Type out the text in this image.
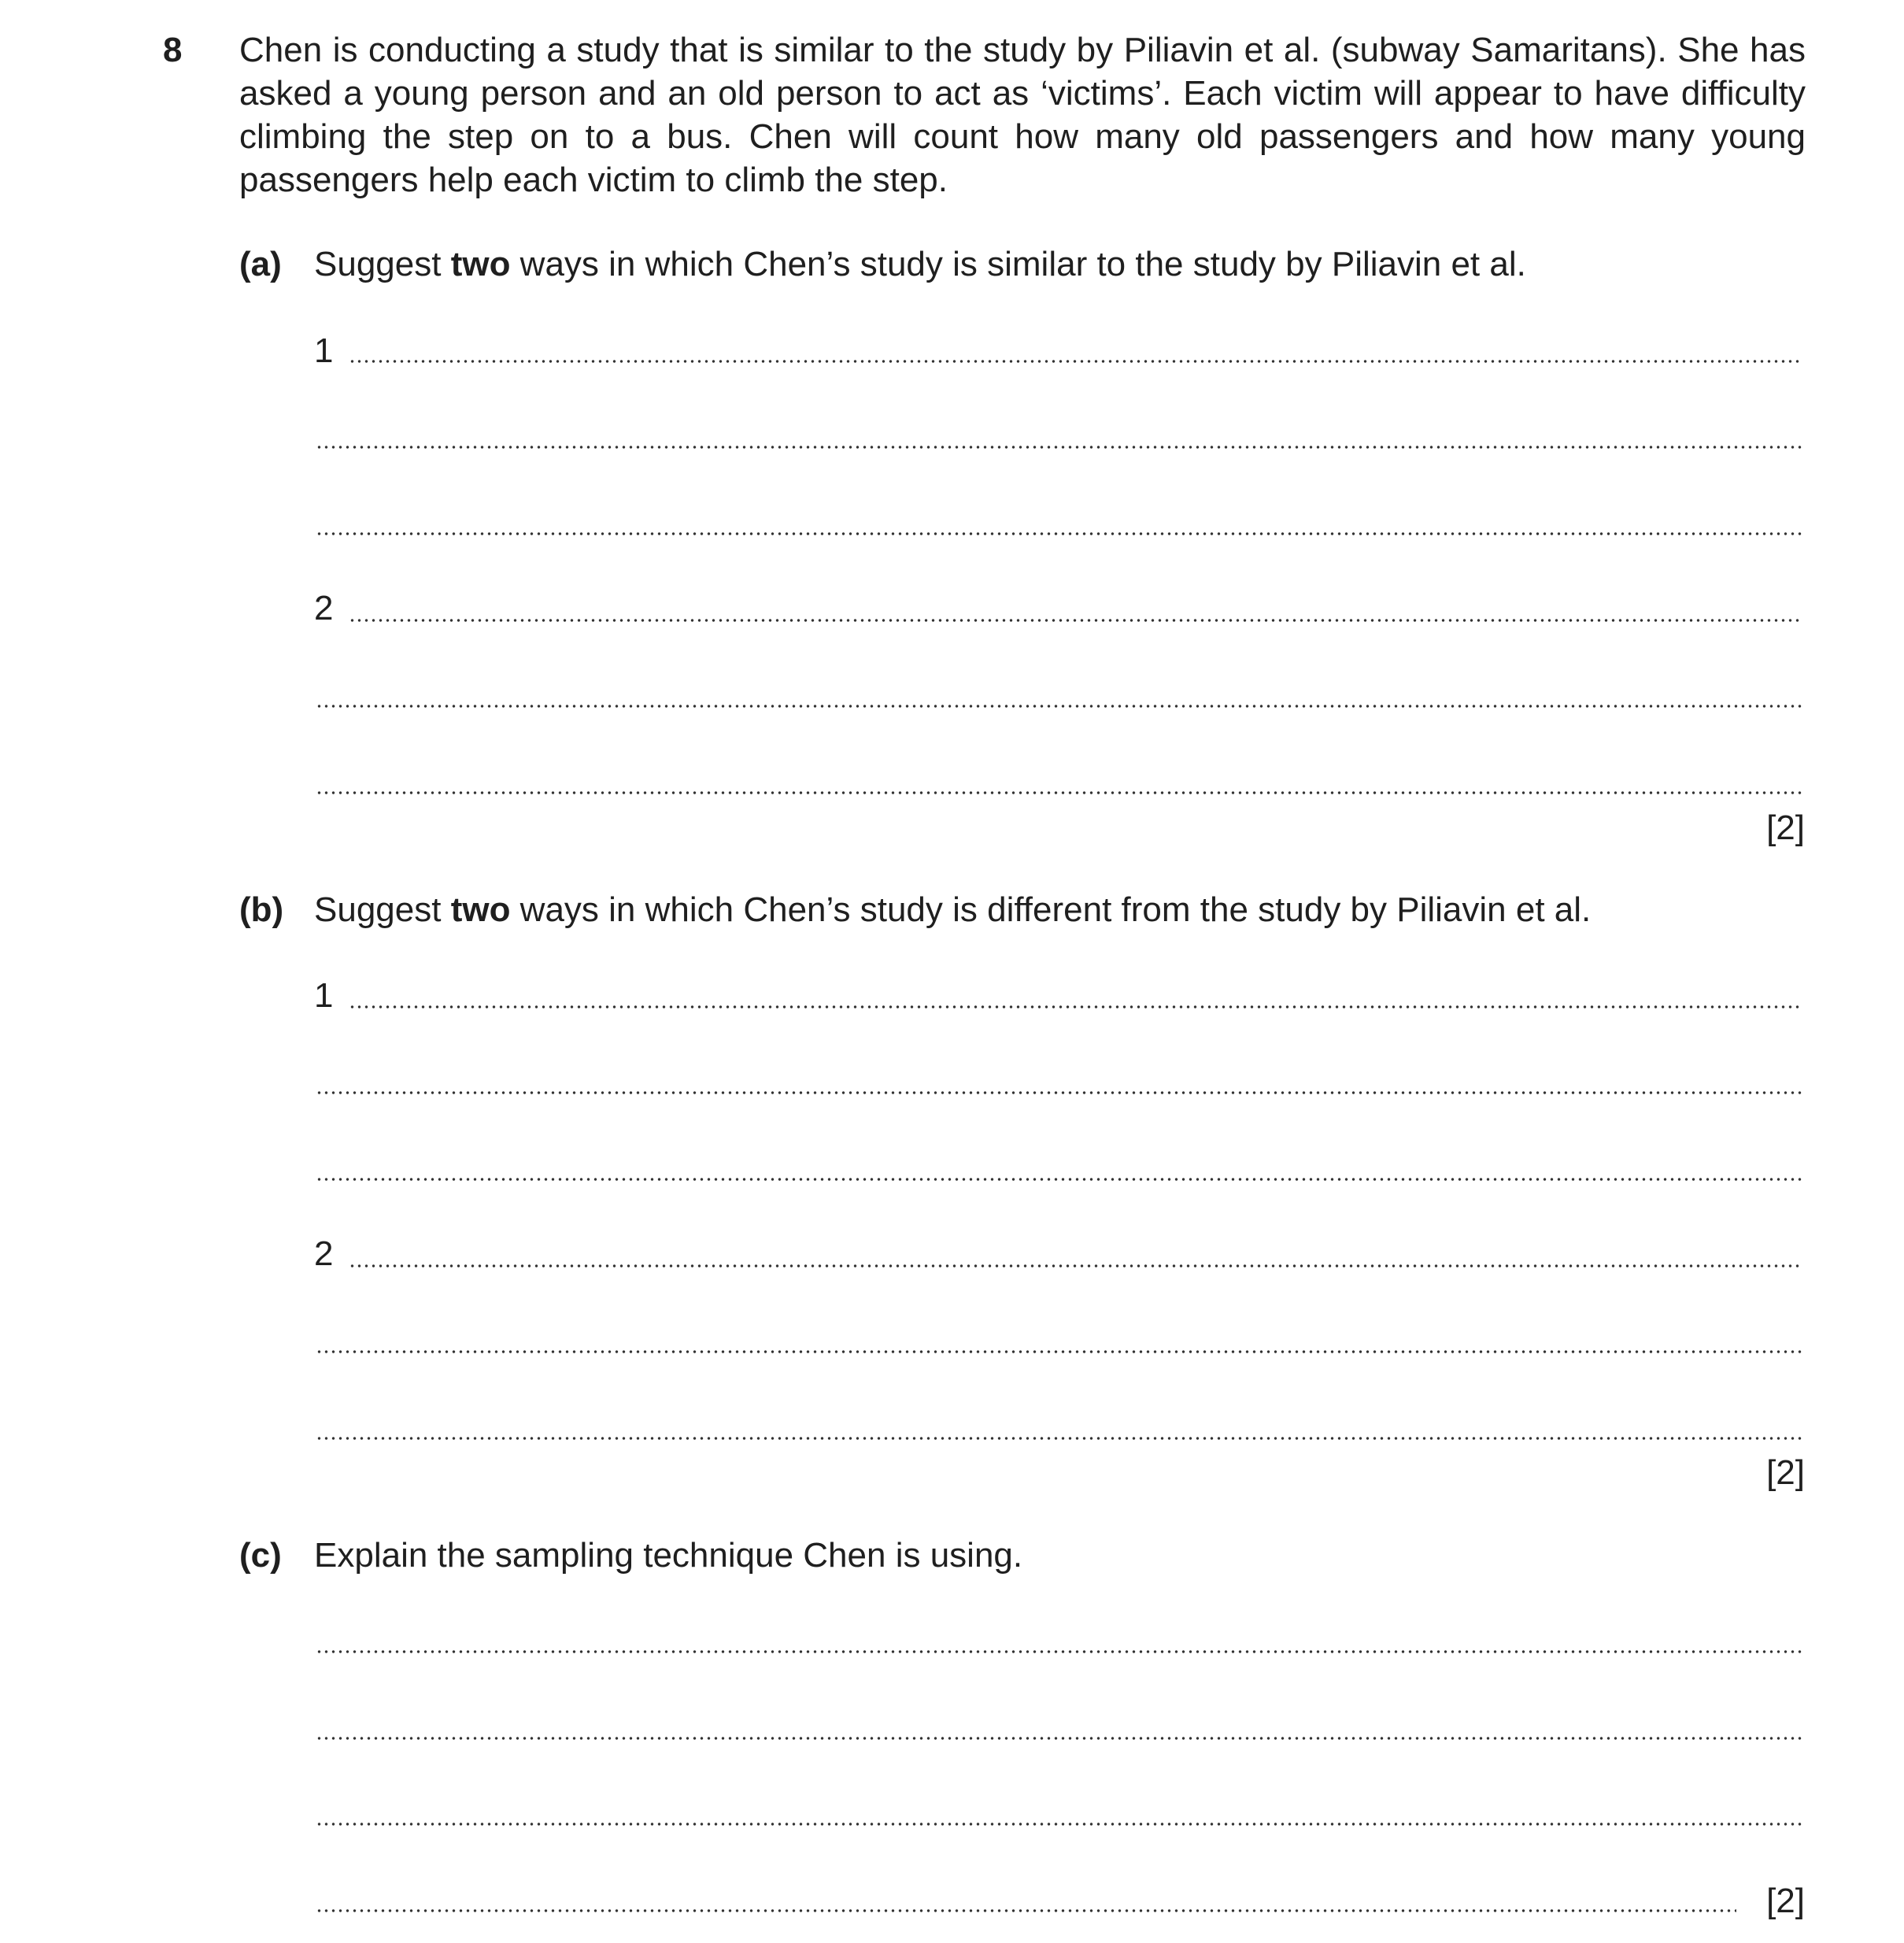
8 Chen is conducting a study that is similar to the study by Piliavin et al. (subway Samaritans). She has asked a young person and an old person to act as ‘victims’. Each victim will appear to have difficulty climbing the step on to a bus. Chen will count how many old passengers and how many young passengers help each victim to climb the step.
(a) Suggest two ways in which Chen’s study is similar to the study by Piliavin et al.
1
2
[2]
(b) Suggest two ways in which Chen’s study is different from the study by Piliavin et al.
1
2
[2]
(c) Explain the sampling technique Chen is using.
[2]
